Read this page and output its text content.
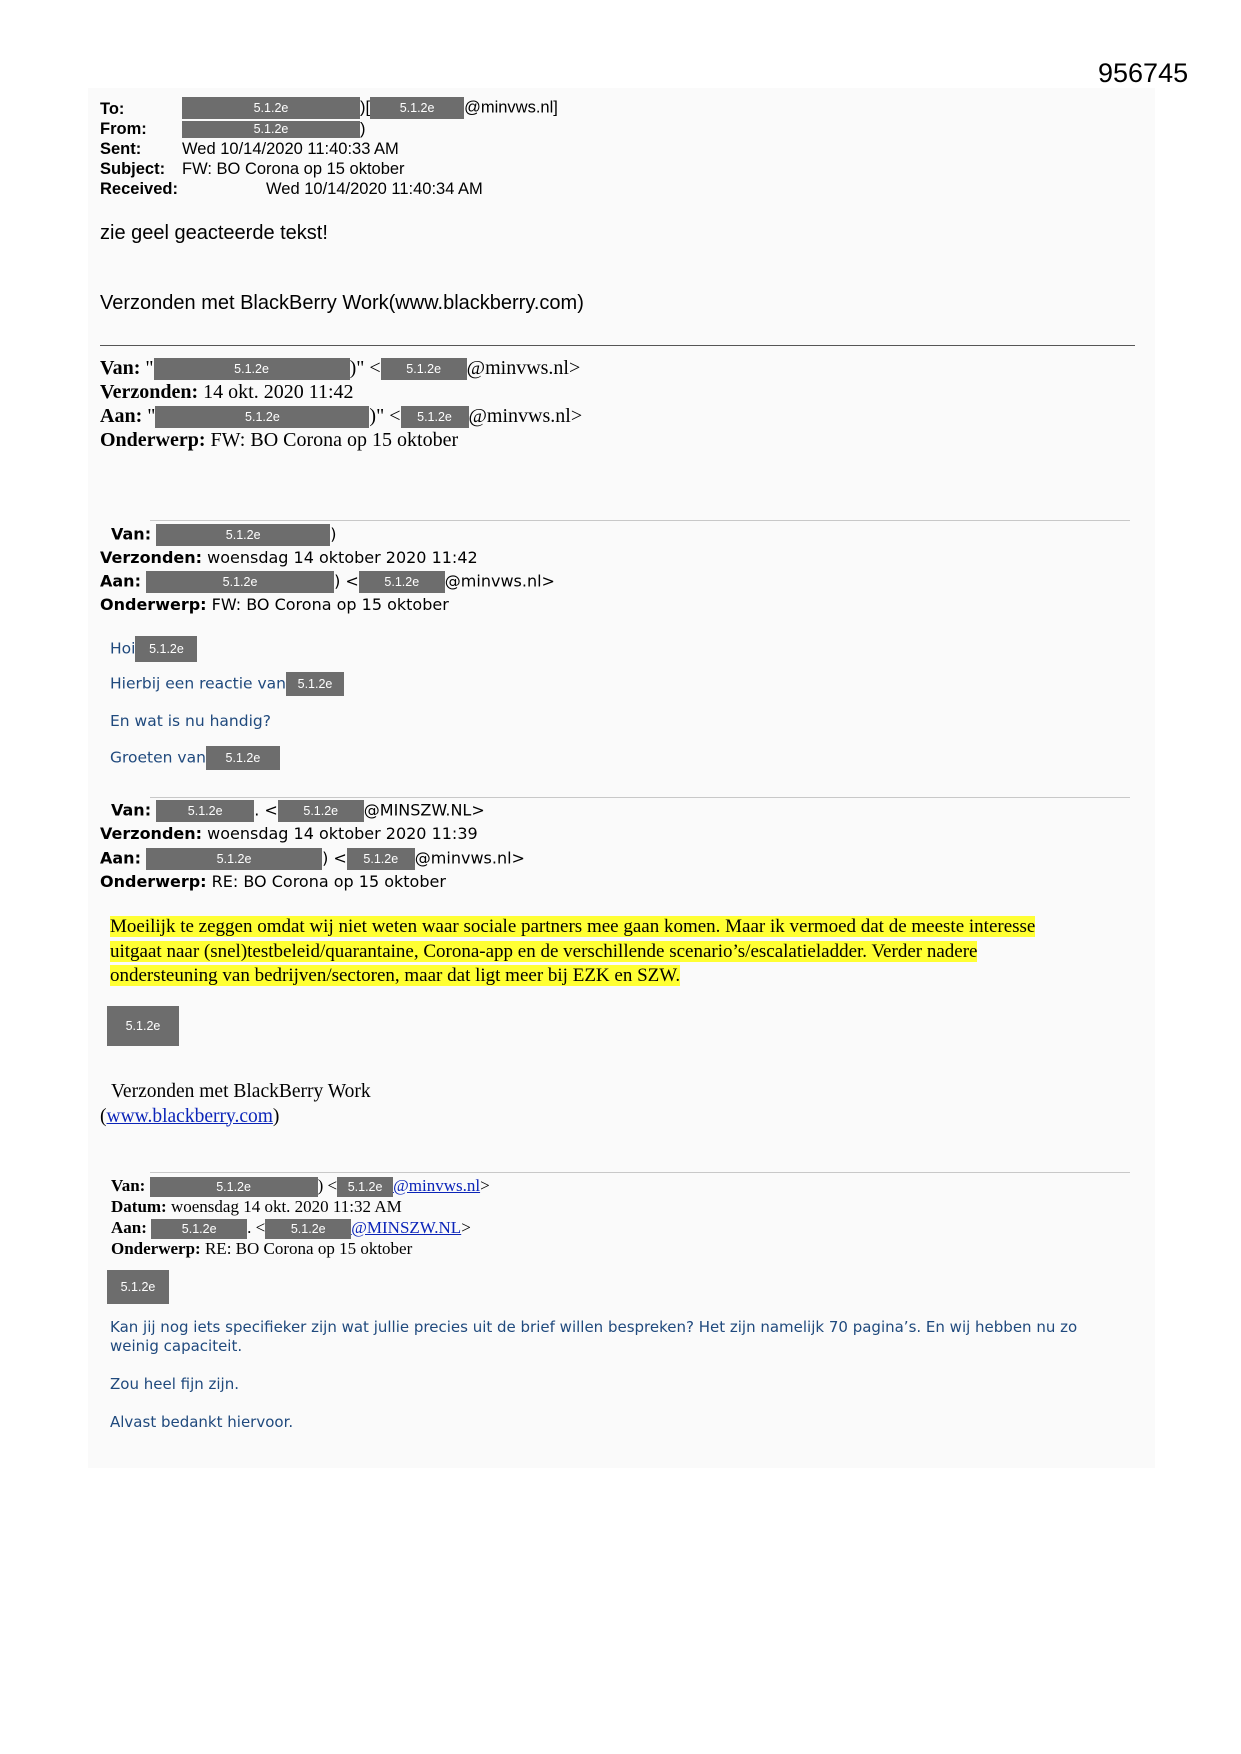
956745
To:	5.1.2e	)[ 5.1.2e @minvws.nl]
From:	5.1.2e	)
Sent: Wed 10/14/2020 11:40:33 AM
Subject: FW: BO Corona op 15 oktober
Received:	Wed 10/14/2020 11:40:34 AM
zie geel geacteerde tekst!
Verzonden met BlackBerry Work(www.blackberry.com)
Van: "	5.1.2e	)" < 5.1.2e @minvws.nl>
Verzonden: 14 okt. 2020 11:42
Aan: "	5.1.2e	)" < 5.1.2e @minvws.nl>
Onderwerp: FW: BO Corona op 15 oktober
Van:	5.1.2e	)
Verzonden: woensdag 14 oktober 2020 11:42
Aan:	5.1.2e	) < 5.1.2e @minvws.nl>
Onderwerp: FW: BO Corona op 15 oktober
Hoi 5.1.2e
Hierbij een reactie van 5.1.2e
En wat is nu handig?
Groeten van 5.1.2e
Van:	5.1.2e . < 5.1.2e @MINSZW.NL>
Verzonden: woensdag 14 oktober 2020 11:39
Aan:	5.1.2e	) < 5.1.2e @minvws.nl>
Onderwerp: RE: BO Corona op 15 oktober
Moeilijk te zeggen omdat wij niet weten waar sociale partners mee gaan komen. Maar ik vermoed dat de meeste interesse
uitgaat naar (snel)testbeleid/quarantaine, Corona-app en de verschillende scenario’s/escalatieladder. Verder nadere
ondersteuning van bedrijven/sectoren, maar dat ligt meer bij EZK en SZW.
5.1.2e
Verzonden met BlackBerry Work
(www.blackberry.com)
Van:	5.1.2e	) < 5.1.2e @minvws.nl>
Datum: woensdag 14 okt. 2020 11:32 AM
Aan:	5.1.2e . < 5.1.2e @MINSZW.NL>
Onderwerp: RE: BO Corona op 15 oktober
5.1.2e
Kan jij nog iets specifieker zijn wat jullie precies uit de brief willen bespreken? Het zijn namelijk 70 pagina’s. En wij hebben nu zo
weinig capaciteit.
Zou heel fijn zijn.
Alvast bedankt hiervoor.
